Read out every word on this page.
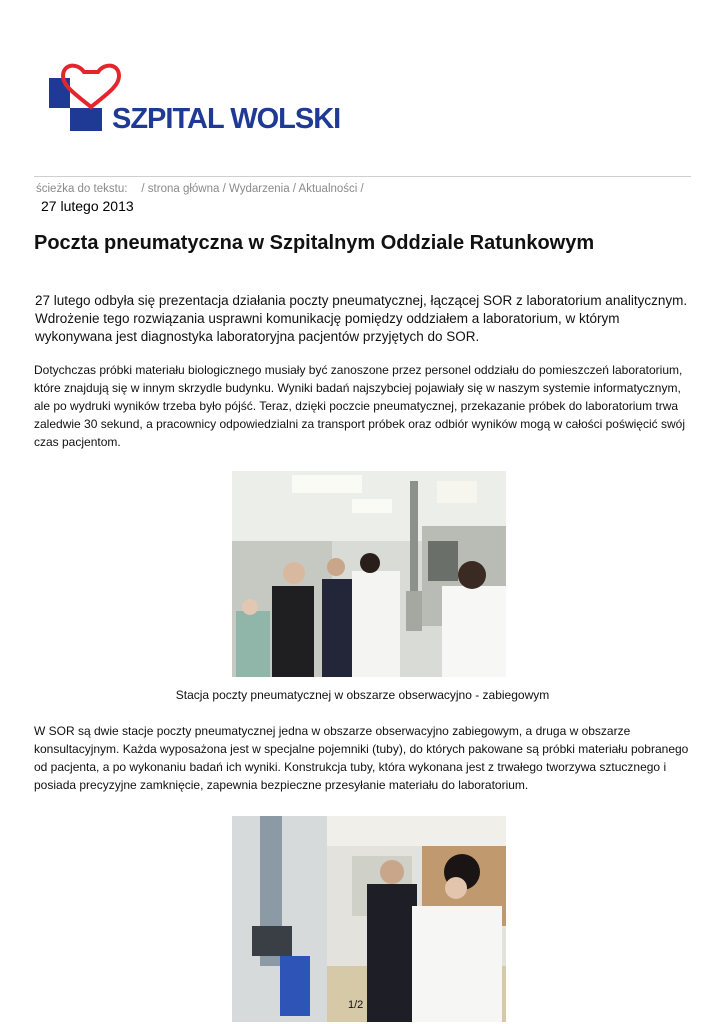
SZPITAL WOLSKI
ścieżka do tekstu: / strona główna / Wydarzenia / Aktualności /
27 lutego 2013
Poczta pneumatyczna w Szpitalnym Oddziale Ratunkowym
27 lutego odbyła się prezentacja działania poczty pneumatycznej, łączącej SOR z laboratorium analitycznym. Wdrożenie tego rozwiązania usprawni komunikację pomiędzy oddziałem a laboratorium, w którym wykonywana jest diagnostyka laboratoryjna pacjentów przyjętych do SOR.
Dotychczas próbki materiału biologicznego musiały być zanoszone przez personel oddziału do pomieszczeń laboratorium, które znajdują się w innym skrzydle budynku. Wyniki badań najszybciej pojawiały się w naszym systemie informatycznym, ale po wydruki wyników trzeba było pójść. Teraz, dzięki poczcie pneumatycznej, przekazanie próbek do laboratorium trwa zaledwie 30 sekund, a pracownicy odpowiedzialni za transport próbek oraz odbiór wyników mogą w całości poświęcić swój czas pacjentom.
Stacja poczty pneumatycznej w obszarze obserwacyjno - zabiegowym
W SOR są dwie stacje poczty pneumatycznej jedna w obszarze obserwacyjno zabiegowym, a druga w obszarze konsultacyjnym. Każda wyposażona jest w specjalne pojemniki (tuby), do których pakowane są próbki materiału pobranego od pacjenta, a po wykonaniu badań ich wyniki. Konstrukcja tuby, która wykonana jest z trwałego tworzywa sztucznego i posiada precyzyjne zamknięcie, zapewnia bezpieczne przesyłanie materiału do laboratorium.
1/2
